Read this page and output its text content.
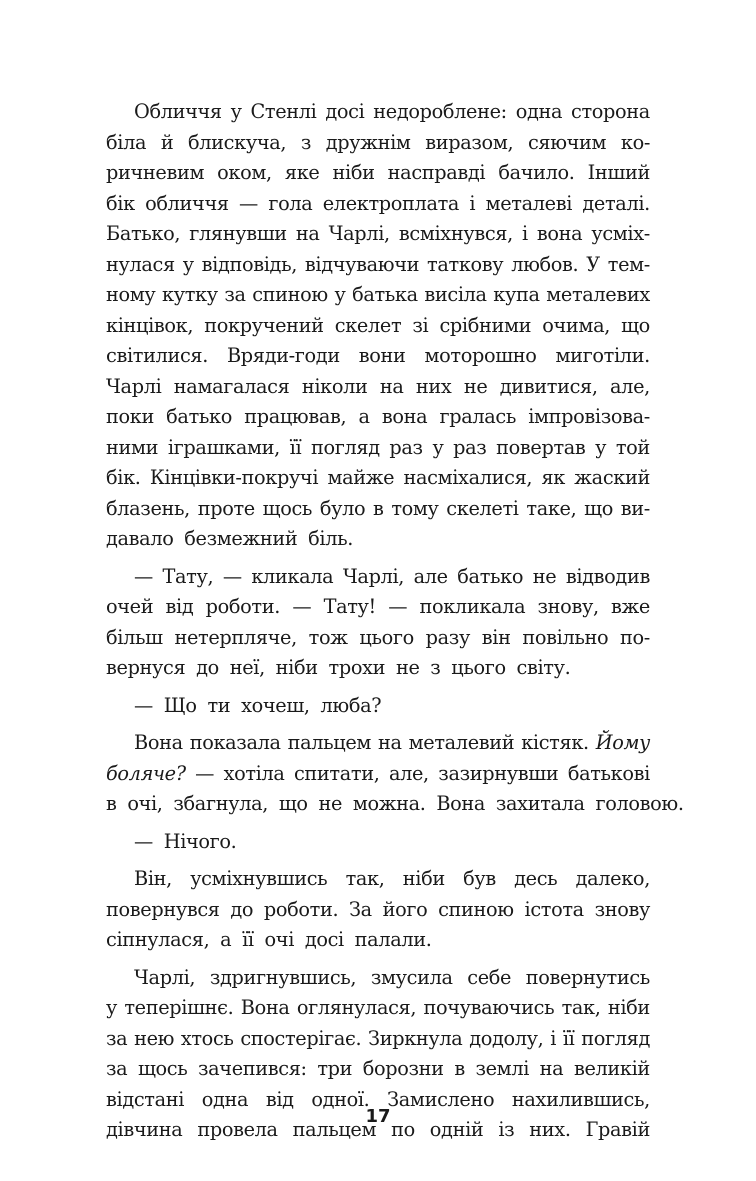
Обличчя у Стенлі досі недороблене: одна сторона
біла й блискуча, з дружнім виразом, сяючим ко-
ричневим оком, яке ніби насправді бачило. Інший
бік обличчя — гола електроплата і металеві деталі.
Батько, глянувши на Чарлі, всміхнувся, і вона усміх-
нулася у відповідь, відчуваючи таткову любов. У тем-
ному кутку за спиною у батька висіла купа металевих
кінцівок, покручений скелет зі срібними очима, що
світилися. Вряди-годи вони моторошно миготіли.
Чарлі намагалася ніколи на них не дивитися, але,
поки батько працював, а вона гралась імпровізова-
ними іграшками, її погляд раз у раз повертав у той
бік. Кінцівки-покручі майже насміхалися, як жаский
блазень, проте щось було в тому скелеті таке, що ви-
давало безмежний біль.
— Тату, — кликала Чарлі, але батько не відводив
очей від роботи. — Тату! — покликала знову, вже
більш нетерпляче, тож цього разу він повільно по-
вернуся до неї, ніби трохи не з цього світу.
— Що ти хочеш, люба?
Вона показала пальцем на металевий кістяк. Йому
боляче? — хотіла спитати, але, зазирнувши батькові
в очі, збагнула, що не можна. Вона захитала головою.
— Нічого.
Він, усміхнувшись так, ніби був десь далеко,
повернувся до роботи. За його спиною істота знову
сіпнулася, а її очі досі палали.
Чарлі, здригнувшись, змусила себе повернутись
у теперішнє. Вона оглянулася, почуваючись так, ніби
за нею хтось спостерігає. Зиркнула додолу, і її погляд
за щось зачепився: три борозни в землі на великій
відстані одна від одної. Замислено нахилившись,
дівчина провела пальцем по одній із них. Гравій
17
